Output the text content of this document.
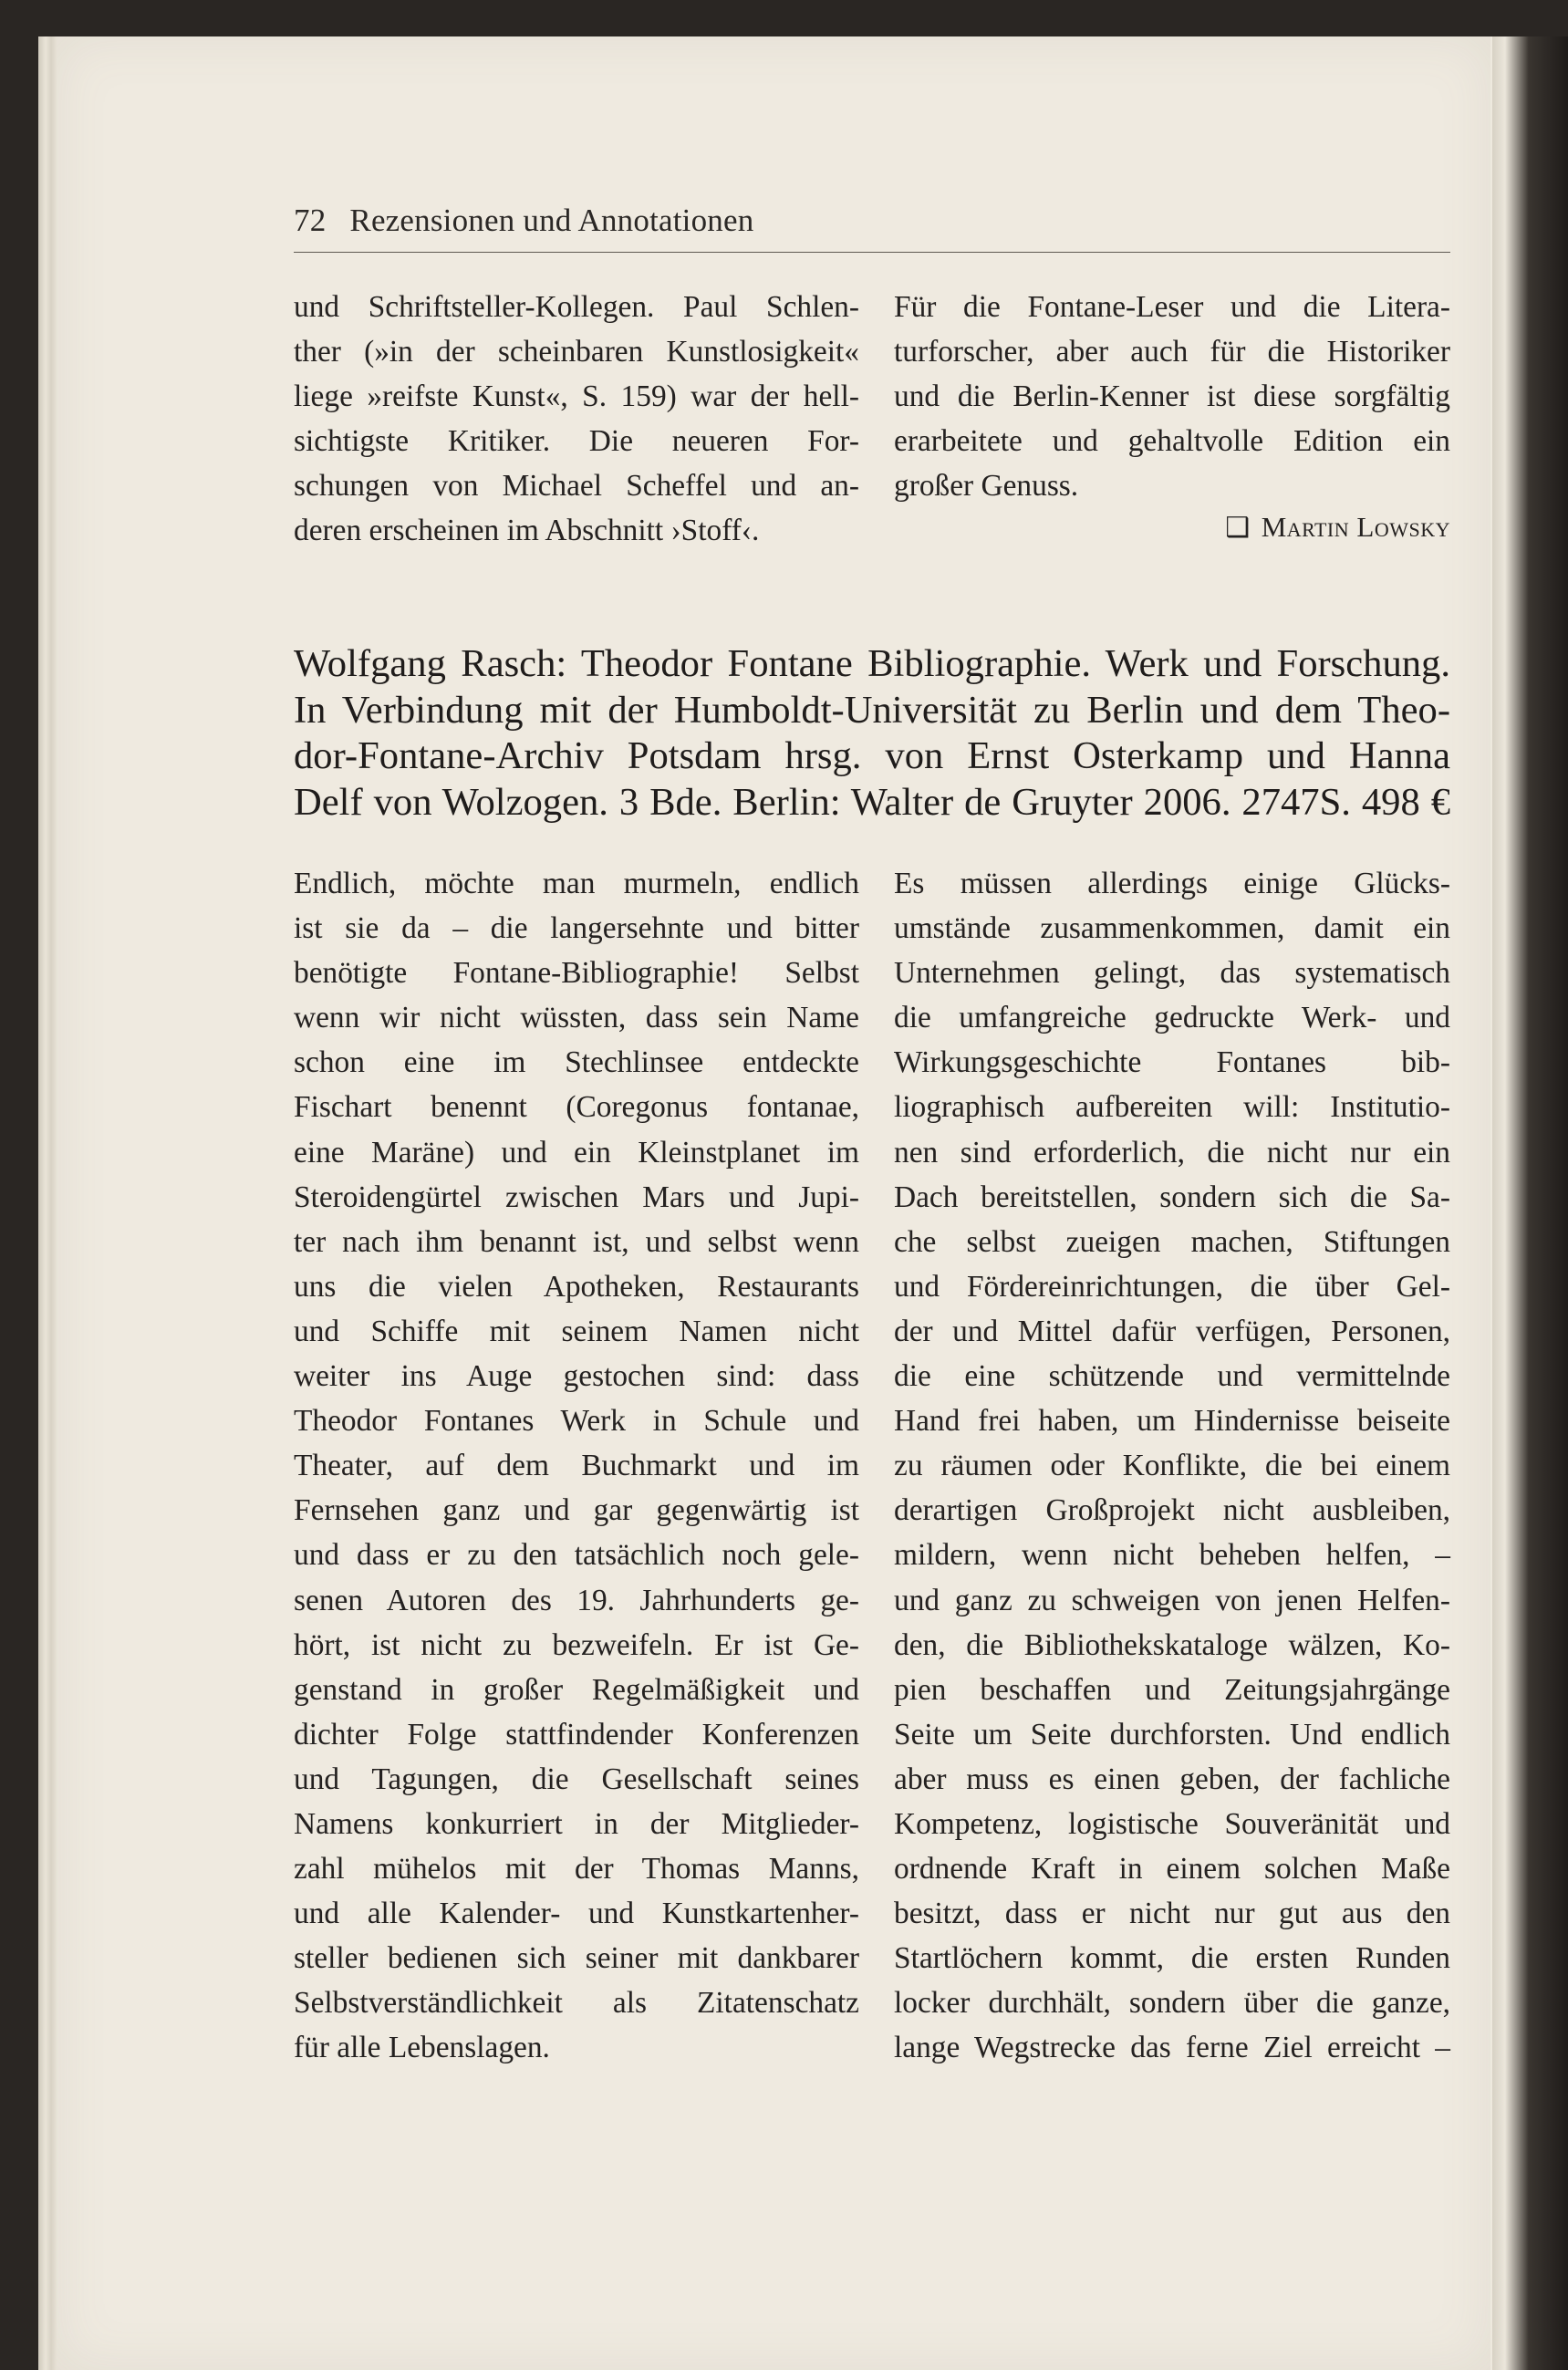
72 Rezensionen und Annotationen
und Schriftsteller-Kollegen. Paul Schlen-
ther (»in der scheinbaren Kunstlosigkeit«
liege »reifste Kunst«, S. 159) war der hell-
sichtigste Kritiker. Die neueren For-
schungen von Michael Scheffel und an-
deren erscheinen im Abschnitt ›Stoff‹.
Für die Fontane-Leser und die Litera-
turforscher, aber auch für die Historiker
und die Berlin-Kenner ist diese sorgfältig
erarbeitete und gehaltvolle Edition ein
großer Genuss.
❑ Martin Lowsky
Wolfgang Rasch: Theodor Fontane Bibliographie. Werk und Forschung.
In Verbindung mit der Humboldt-Universität zu Berlin und dem Theo-
dor-Fontane-Archiv Potsdam hrsg. von Ernst Osterkamp und Hanna
Delf von Wolzogen. 3 Bde. Berlin: Walter de Gruyter 2006. 2747S. 498 €
Endlich, möchte man murmeln, endlich
ist sie da – die langersehnte und bitter
benötigte Fontane-Bibliographie! Selbst
wenn wir nicht wüssten, dass sein Name
schon eine im Stechlinsee entdeckte
Fischart benennt (Coregonus fontanae,
eine Maräne) und ein Kleinstplanet im
Steroidengürtel zwischen Mars und Jupi-
ter nach ihm benannt ist, und selbst wenn
uns die vielen Apotheken, Restaurants
und Schiffe mit seinem Namen nicht
weiter ins Auge gestochen sind: dass
Theodor Fontanes Werk in Schule und
Theater, auf dem Buchmarkt und im
Fernsehen ganz und gar gegenwärtig ist
und dass er zu den tatsächlich noch gele-
senen Autoren des 19. Jahrhunderts ge-
hört, ist nicht zu bezweifeln. Er ist Ge-
genstand in großer Regelmäßigkeit und
dichter Folge stattfindender Konferenzen
und Tagungen, die Gesellschaft seines
Namens konkurriert in der Mitglieder-
zahl mühelos mit der Thomas Manns,
und alle Kalender- und Kunstkartenher-
steller bedienen sich seiner mit dankbarer
Selbstverständlichkeit als Zitatenschatz
für alle Lebenslagen.
Es müssen allerdings einige Glücks-
umstände zusammenkommen, damit ein
Unternehmen gelingt, das systematisch
die umfangreiche gedruckte Werk- und
Wirkungsgeschichte Fontanes bib-
liographisch aufbereiten will: Institutio-
nen sind erforderlich, die nicht nur ein
Dach bereitstellen, sondern sich die Sa-
che selbst zueigen machen, Stiftungen
und Fördereinrichtungen, die über Gel-
der und Mittel dafür verfügen, Personen,
die eine schützende und vermittelnde
Hand frei haben, um Hindernisse beiseite
zu räumen oder Konflikte, die bei einem
derartigen Großprojekt nicht ausbleiben,
mildern, wenn nicht beheben helfen, –
und ganz zu schweigen von jenen Helfen-
den, die Bibliothekskataloge wälzen, Ko-
pien beschaffen und Zeitungsjahrgänge
Seite um Seite durchforsten. Und endlich
aber muss es einen geben, der fachliche
Kompetenz, logistische Souveränität und
ordnende Kraft in einem solchen Maße
besitzt, dass er nicht nur gut aus den
Startlöchern kommt, die ersten Runden
locker durchhält, sondern über die ganze,
lange Wegstrecke das ferne Ziel erreicht –
